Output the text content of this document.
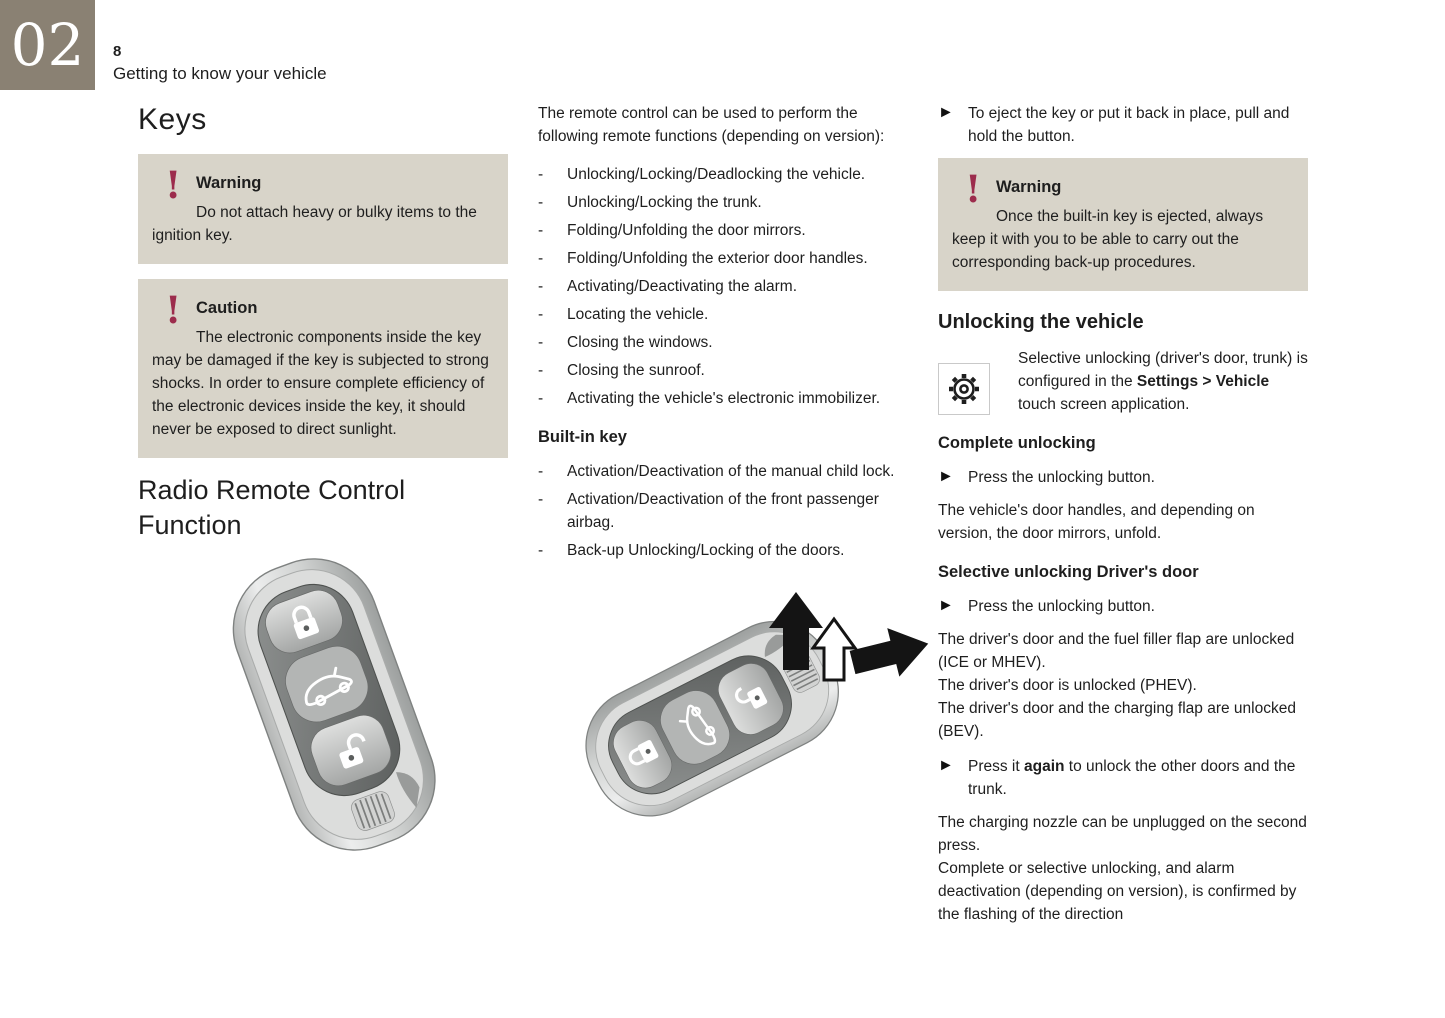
02 8
Getting to know your vehicle
Keys
! Warning
Do not attach heavy or bulky items to the ignition key.
! Caution
The electronic components inside the key may be damaged if the key is subjected to strong shocks. In order to ensure complete efficiency of the electronic devices inside the key, it should never be exposed to direct sunlight.
Radio Remote Control Function

The remote control can be used to perform the following remote functions (depending on version):

-	Unlocking/Locking/Deadlocking the vehicle.
-	Unlocking/Locking the trunk.
-	Folding/Unfolding the door mirrors.
-	Folding/Unfolding the exterior door handles.
-	Activating/Deactivating the alarm.
-	Locating the vehicle.
-	Closing the windows.
-	Closing the sunroof.
-	Activating the vehicle's electronic immobilizer.
Built-in key
-	Activation/Deactivation of the manual child lock.
-	Activation/Deactivation of the front passenger airbag.
-	Back-up Unlocking/Locking of the doors.
► To eject the key or put it back in place, pull and hold the button.
! Warning
Once the built-in key is ejected, always keep it with you to be able to carry out the corresponding back-up procedures.
Unlocking the vehicle

Selective unlocking (driver's door, trunk) is configured in the Settings > Vehicle touch screen application.

Complete unlocking
► Press the unlocking button.

The vehicle's door handles, and depending on version, the door mirrors, unfold.

Selective unlocking Driver's door
► Press the unlocking button.
The driver's door and the fuel filler flap are unlocked (ICE or MHEV).
The driver's door is unlocked (PHEV).
The driver's door and the charging flap are unlocked (BEV).
► Press it again to unlock the other doors and the trunk.
The charging nozzle can be unplugged on the second press.
Complete or selective unlocking, and alarm deactivation (depending on version), is confirmed by the flashing of the direction
